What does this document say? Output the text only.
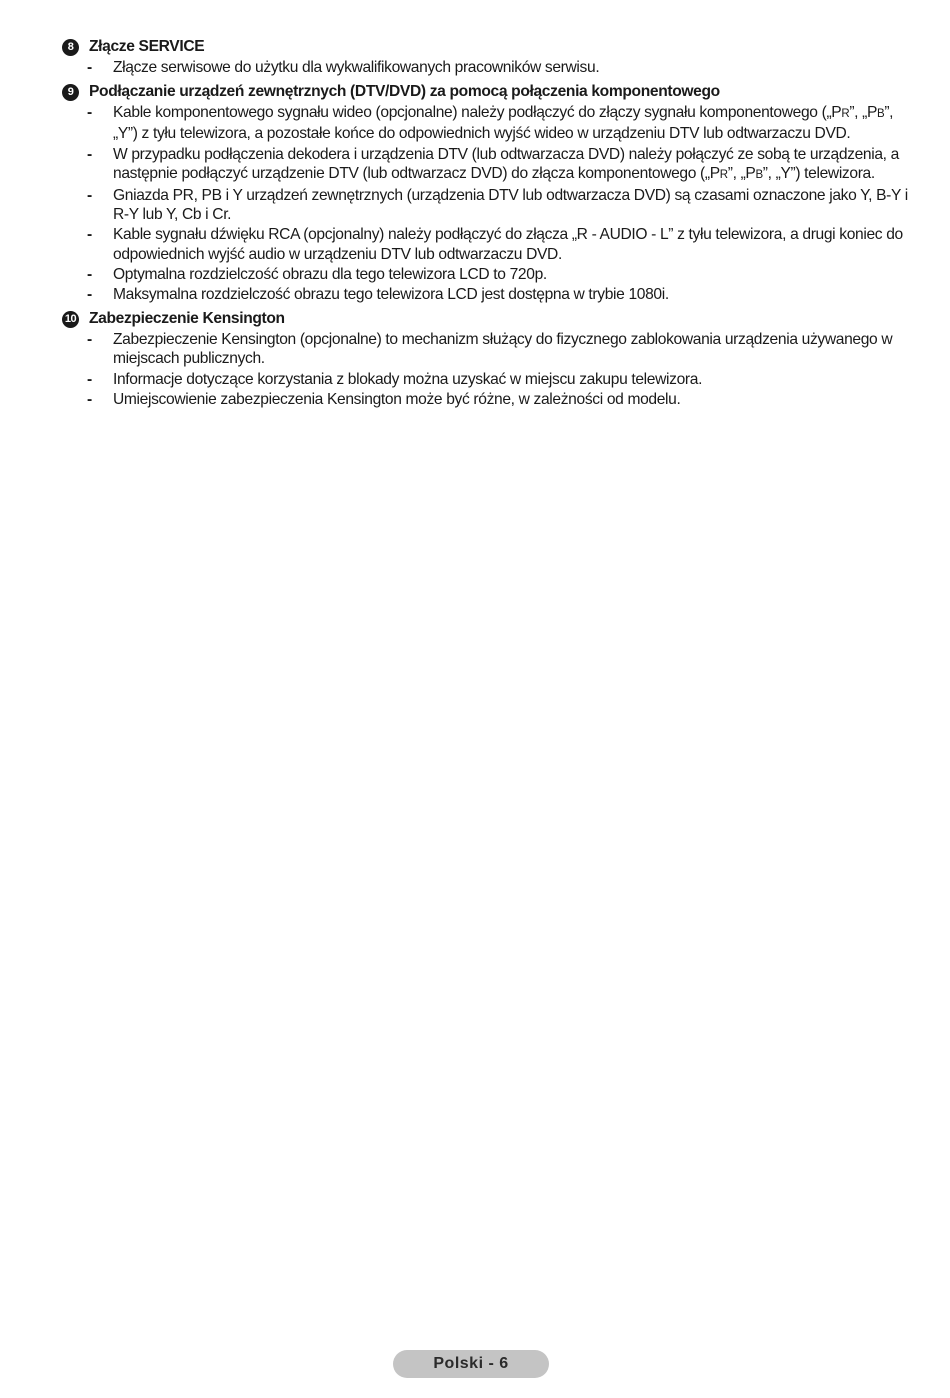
8	Złącze SERVICE
-	Złącze serwisowe do użytku dla wykwalifikowanych pracowników serwisu.
9	Podłączanie urządzeń zewnętrznych (DTV/DVD) za pomocą połączenia komponentowego
-	Kable komponentowego sygnału wideo (opcjonalne) należy podłączyć do złączy sygnału komponentowego („PR”, „PB”, „Y”) z tyłu telewizora, a pozostałe końce do odpowiednich wyjść wideo w urządzeniu DTV lub odtwarzaczu DVD.
-	W przypadku podłączenia dekodera i urządzenia DTV (lub odtwarzacza DVD) należy połączyć ze sobą te urządzenia, a następnie podłączyć urządzenie DTV (lub odtwarzacz DVD) do złącza komponentowego („PR”, „PB”, „Y”) telewizora.
-	Gniazda PR, PB i Y urządzeń zewnętrznych (urządzenia DTV lub odtwarzacza DVD) są czasami oznaczone jako Y, B-Y i R-Y lub Y, Cb i Cr.
-	Kable sygnału dźwięku RCA (opcjonalny) należy podłączyć do złącza „R - AUDIO - L” z tyłu telewizora, a drugi koniec do odpowiednich wyjść audio w urządzeniu DTV lub odtwarzaczu DVD.
-	Optymalna rozdzielczość obrazu dla tego telewizora LCD to 720p.
-	Maksymalna rozdzielczość obrazu tego telewizora LCD jest dostępna w trybie 1080i.
10 Zabezpieczenie Kensington
-	Zabezpieczenie Kensington (opcjonalne) to mechanizm służący do fizycznego zablokowania urządzenia używanego w miejscach publicznych.
-	Informacje dotyczące korzystania z blokady można uzyskać w miejscu zakupu telewizora.
-	Umiejscowienie zabezpieczenia Kensington może być różne, w zależności od modelu.
Polski - 6
